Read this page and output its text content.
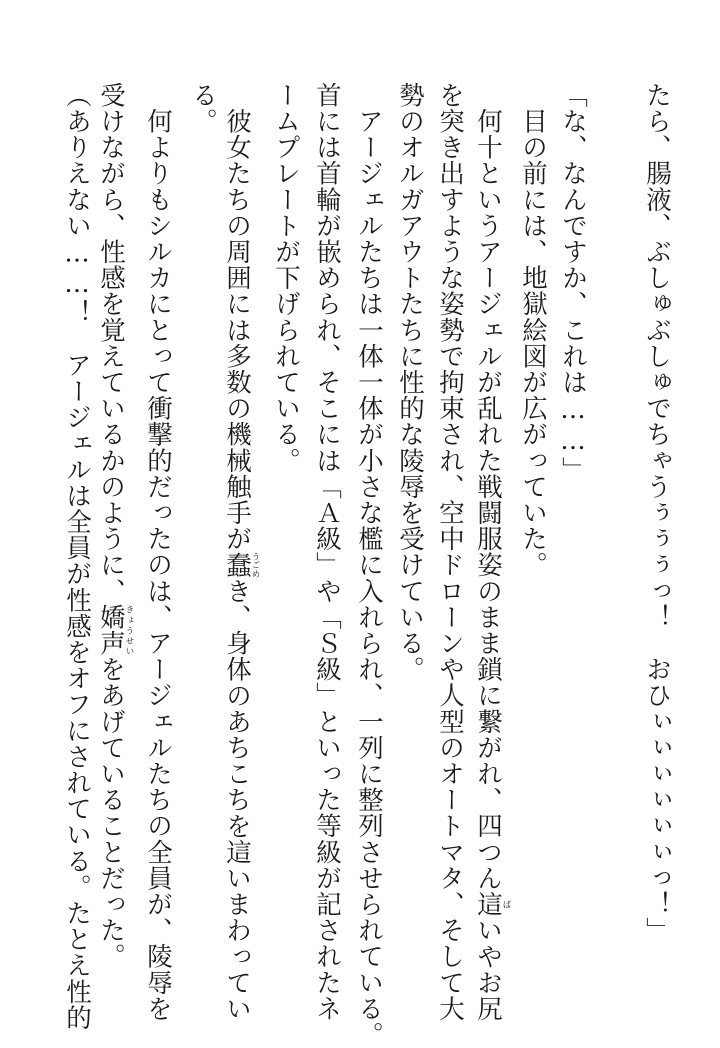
たら、腸液、ぶしゅぶしゅでちゃうぅぅぅっ！　おひぃぃぃぃぃぃっ！」
「な、なんですか、これは……」
　目の前には、地獄絵図が広がっていた。
　何十というアージェルが乱れた戦闘服姿のまま鎖に繋がれ、四つん這ばいやお尻
を突き出すような姿勢で拘束され、空中ドローンや人型のオートマタ、そして大
勢のオルガアウトたちに性的な陵辱を受けている。
　アージェルたちは一体一体が小さな檻に入れられ、一列に整列させられている。
首には首輪が嵌められ、そこには「Ａ級」や「Ｓ級」といった等級が記されたネ
ームプレートが下げられている。
　彼女たちの周囲には多数の機械触手が蠢うごめき、身体のあちこちを這いまわってい
る。
　何よりもシルカにとって衝撃的だったのは、アージェルたちの全員が、陵辱を
受けながら、性感を覚えているかのように、嬌声きょうせいをあげていることだった。
（ありえない……！　アージェルは全員が性感をオフにされている。たとえ性的
